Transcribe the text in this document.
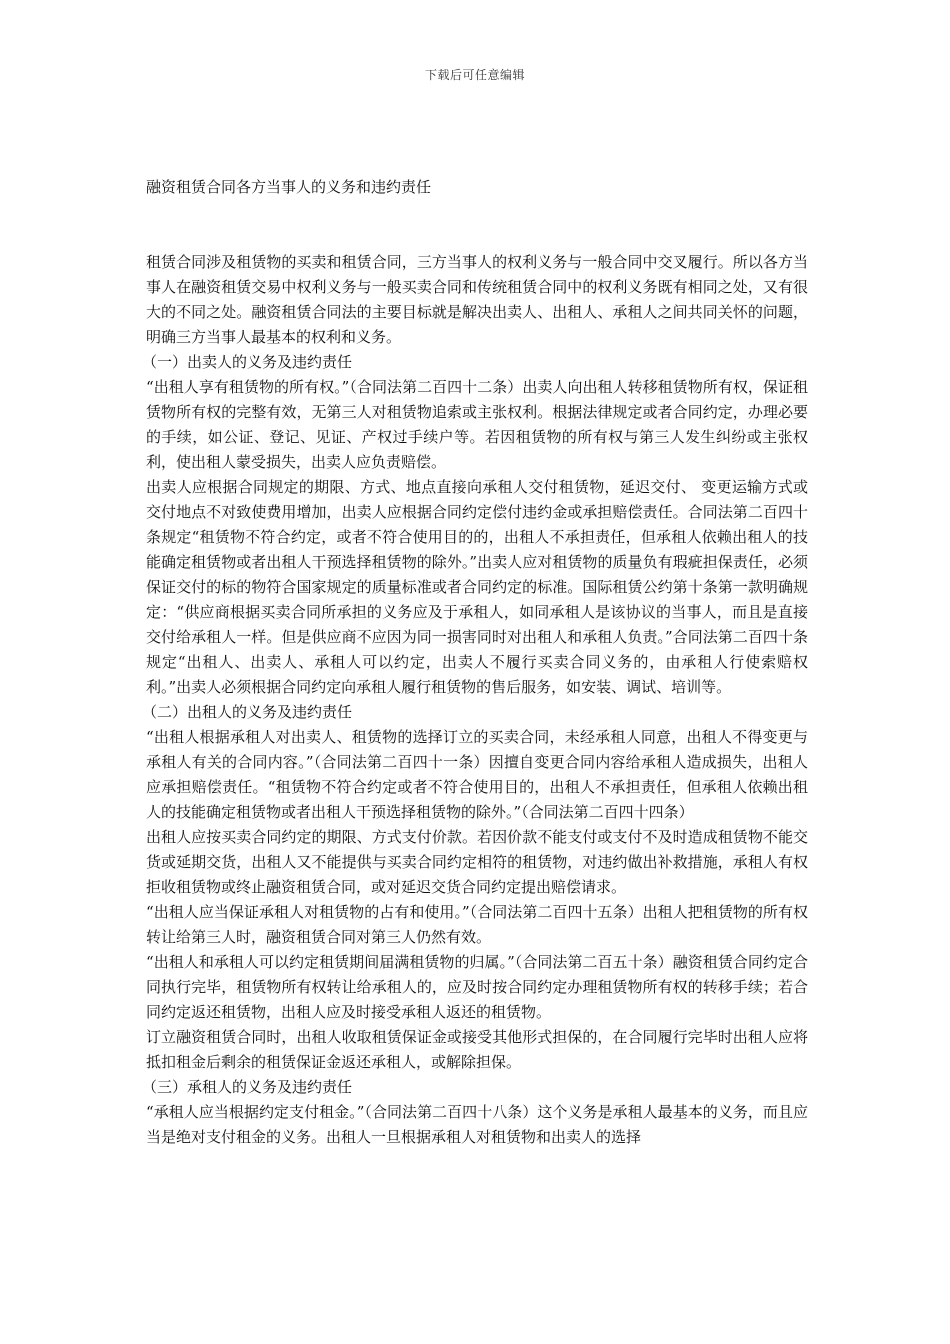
下载后可任意编辑
融资租赁合同各方当事人的义务和违约责任

租赁合同涉及租赁物的买卖和租赁合同，三方当事人的权利义务与一般合同中交叉履行。所以各方当事人在融资租赁交易中权利义务与一般买卖合同和传统租赁合同中的权利义务既有相同之处，又有很大的不同之处。融资租赁合同法的主要目标就是解决出卖人、出租人、承租人之间共同关怀的问题，明确三方当事人最基本的权利和义务。

（一）出卖人的义务及违约责任

“出租人享有租赁物的所有权。”（合同法第二百四十二条）出卖人向出租人转移租赁物所有权，保证租赁物所有权的完整有效，无第三人对租赁物追索或主张权利。根据法律规定或者合同约定，办理必要的手续，如公证、登记、见证、产权过手续户等。若因租赁物的所有权与第三人发生纠纷或主张权利，使出租人蒙受损失，出卖人应负责赔偿。

出卖人应根据合同规定的期限、方式、地点直接向承租人交付租赁物，延迟交付、 变更运输方式或交付地点不对致使费用增加，出卖人应根据合同约定偿付违约金或承担赔偿责任。合同法第二百四十条规定“租赁物不符合约定，或者不符合使用目的的，出租人不承担责任，但承租人依赖出租人的技能确定租赁物或者出租人干预选择租赁物的除外。”出卖人应对租赁物的质量负有瑕疵担保责任，必须保证交付的标的物符合国家规定的质量标准或者合同约定的标准。国际租赁公约第十条第一款明确规定：“供应商根据买卖合同所承担的义务应及于承租人，如同承租人是该协议的当事人，而且是直接交付给承租人一样。但是供应商不应因为同一损害同时对出租人和承租人负责。”合同法第二百四十条规定“出租人、出卖人、承租人可以约定，出卖人不履行买卖合同义务的，由承租人行使索赔权利。”出卖人必须根据合同约定向承租人履行租赁物的售后服务，如安装、调试、培训等。

（二）出租人的义务及违约责任

“出租人根据承租人对出卖人、租赁物的选择订立的买卖合同，未经承租人同意，出租人不得变更与承租人有关的合同内容。”（合同法第二百四十一条）因擅自变更合同内容给承租人造成损失，出租人应承担赔偿责任。“租赁物不符合约定或者不符合使用目的，出租人不承担责任，但承租人依赖出租人的技能确定租赁物或者出租人干预选择租赁物的除外。”（合同法第二百四十四条）

出租人应按买卖合同约定的期限、方式支付价款。若因价款不能支付或支付不及时造成租赁物不能交货或延期交货，出租人又不能提供与买卖合同约定相符的租赁物，对违约做出补救措施，承租人有权拒收租赁物或终止融资租赁合同，或对延迟交货合同约定提出赔偿请求。

“出租人应当保证承租人对租赁物的占有和使用。”（合同法第二百四十五条）出租人把租赁物的所有权转让给第三人时，融资租赁合同对第三人仍然有效。

“出租人和承租人可以约定租赁期间届满租赁物的归属。”（合同法第二百五十条）融资租赁合同约定合同执行完毕，租赁物所有权转让给承租人的，应及时按合同约定办理租赁物所有权的转移手续；若合同约定返还租赁物，出租人应及时接受承租人返还的租赁物。

订立融资租赁合同时，出租人收取租赁保证金或接受其他形式担保的，在合同履行完毕时出租人应将抵扣租金后剩余的租赁保证金返还承租人，或解除担保。

（三）承租人的义务及违约责任

“承租人应当根据约定支付租金。”（合同法第二百四十八条）这个义务是承租人最基本的义务，而且应当是绝对支付租金的义务。出租人一旦根据承租人对租赁物和出卖人的选择
